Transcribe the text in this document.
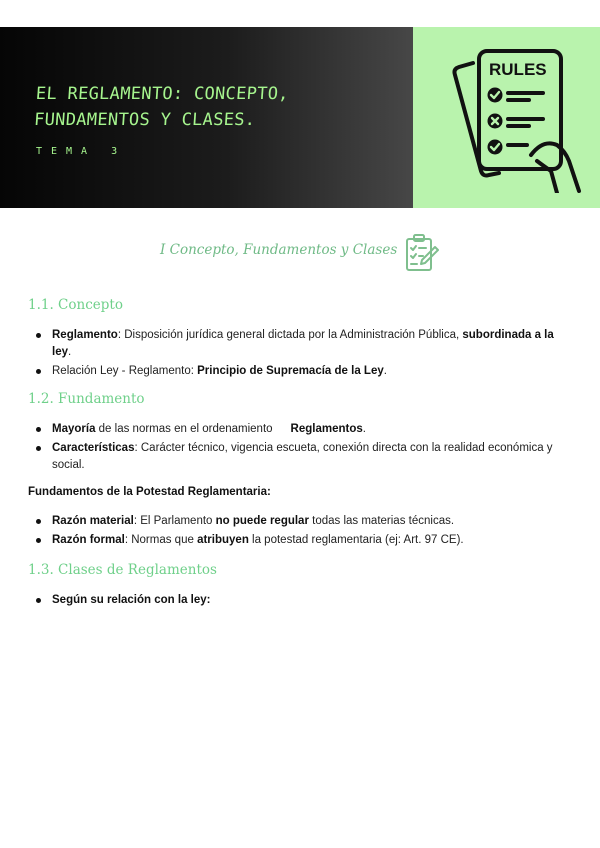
EL REGLAMENTO: CONCEPTO, FUNDAMENTOS Y CLASES.
TEMA 3
RULES
I Concepto, Fundamentos y Clases
1.1. Concepto
Reglamento: Disposición jurídica general dictada por la Administración Pública, subordinada a la ley.
Relación Ley - Reglamento: Principio de Supremacía de la Ley.
1.2. Fundamento
Mayoría de las normas en el ordenamiento Reglamentos.
Características: Carácter técnico, vigencia escueta, conexión directa con la realidad económica y social.
Fundamentos de la Potestad Reglamentaria:
Razón material: El Parlamento no puede regular todas las materias técnicas.
Razón formal: Normas que atribuyen la potestad reglamentaria (ej: Art. 97 CE).
1.3. Clases de Reglamentos
Según su relación con la ley:
